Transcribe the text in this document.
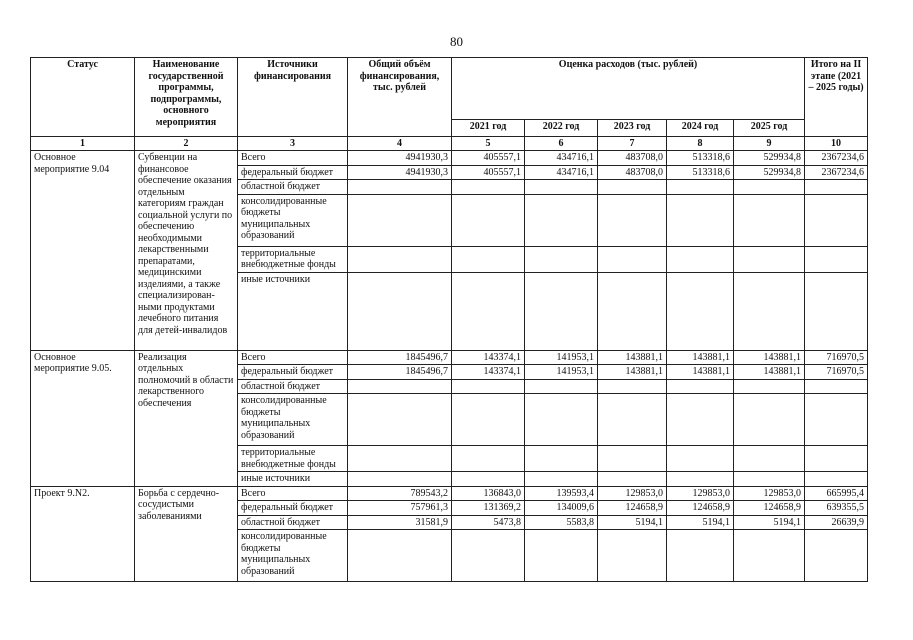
80
Статус	Наименование государственной программы, подпрограммы, основного мероприятия	Источники финансирования	Общий объём финансирования, тыс. рублей	Оценка расходов (тыс. рублей)					Итого на II этапе (2021 – 2025 годы)
				2021 год	2022 год	2023 год	2024 год	2025 год	
1	2	3	4	5	6	7	8	9	10
Основное мероприятие 9.04	Субвенции на финансовое обеспечение оказания отдельным категориям граждан социальной услуги по обеспечению необходимыми лекарственными препаратами, медицинскими изделиями, а также специализирован-ными продуктами лечебного питания для детей-инвалидов	Всего	4941930,3	405557,1	434716,1	483708,0	513318,6	529934,8	2367234,6
		федеральный бюджет	4941930,3	405557,1	434716,1	483708,0	513318,6	529934,8	2367234,6
		областной бюджет							
		консолидированные бюджеты муниципальных образований							
		территориальные внебюджетные фонды							
		иные источники							
Основное мероприятие 9.05.	Реализация отдельных полномочий в области лекарственного обеспечения	Всего	1845496,7	143374,1	141953,1	143881,1	143881,1	143881,1	716970,5
		федеральный бюджет	1845496,7	143374,1	141953,1	143881,1	143881,1	143881,1	716970,5
		областной бюджет							
		консолидированные бюджеты муниципальных образований							
		территориальные внебюджетные фонды							
		иные источники							
Проект 9.N2.	Борьба с сердечно-сосудистыми заболеваниями	Всего	789543,2	136843,0	139593,4	129853,0	129853,0	129853,0	665995,4
		федеральный бюджет	757961,3	131369,2	134009,6	124658,9	124658,9	124658,9	639355,5
		областной бюджет	31581,9	5473,8	5583,8	5194,1	5194,1	5194,1	26639,9
		консолидированные бюджеты муниципальных образований							
